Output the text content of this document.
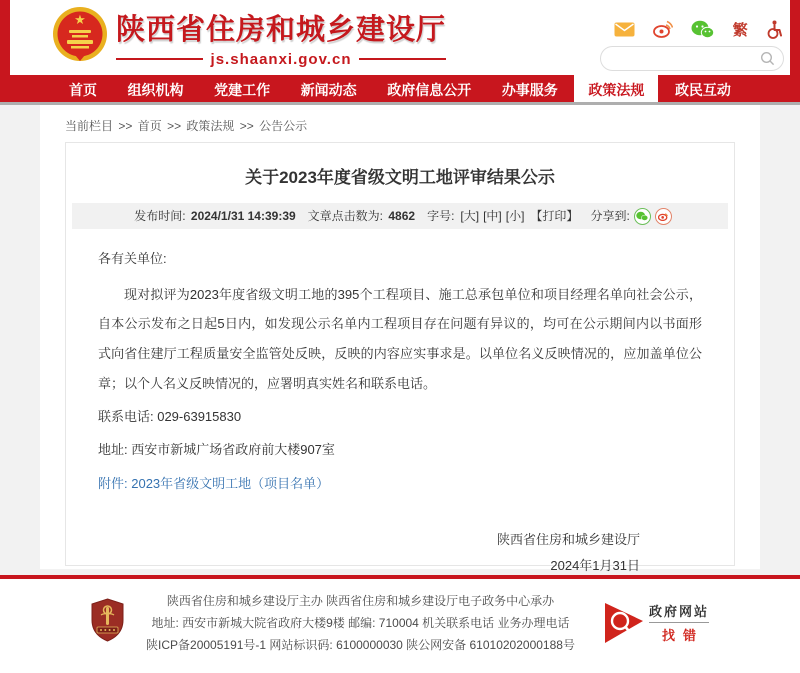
★ 陕西省住房和城乡建设厅
js.shaanxi.gov.cn
繁
首页	组织机构	党建工作	新闻动态	政府信息公开	办事服务	政策法规	政民互动
当前栏目 >> 首页 >> 政策法规 >> 公告公示
关于2023年度省级文明工地评审结果公示
发布时间: 2024/1/31 14:39:39 文章点击数为: 4862 字号: [大] [中] [小] 【打印】 分享到:
各有关单位:
现对拟评为2023年度省级文明工地的395个工程项目、施工总承包单位和项目经理名单向社会公示，自本公示发布之日起5日内，如发现公示名单内工程项目存在问题有异议的，均可在公示期间内以书面形式向省住建厅工程质量安全监管处反映，反映的内容应实事求是。以单位名义反映情况的，应加盖单位公章；以个人名义反映情况的，应署明真实姓名和联系电话。
联系电话: 029-63915830
地址: 西安市新城广场省政府前大楼907室
附件: 2023年省级文明工地（项目名单）
陕西省住房和城乡建设厅
2024年1月31日
陕西省住房和城乡建设厅主办 陕西省住房和城乡建设厅电子政务中心承办
地址: 西安市新城大院省政府大楼9楼 邮编: 710004 机关联系电话 业务办理电话
陕ICP备20005191号-1 网站标识码: 6100000030 陕公网安备 61010202000188号
政府网站
找错
